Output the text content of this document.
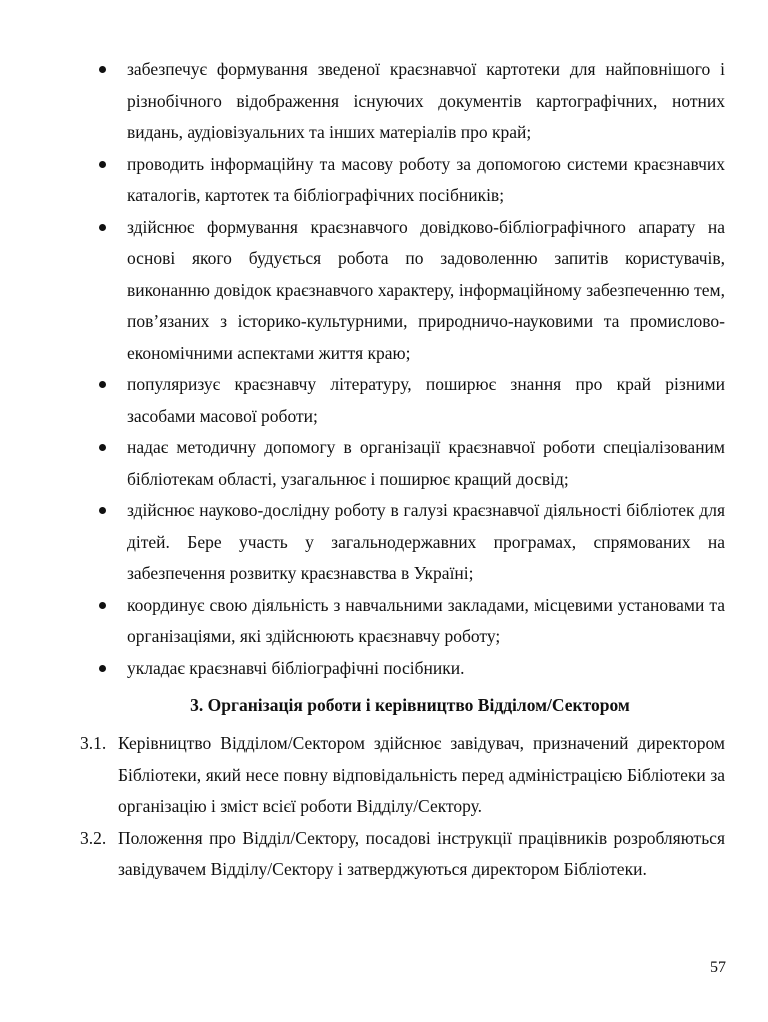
забезпечує формування зведеної краєзнавчої картотеки для найповнішого і різнобічного відображення існуючих документів картографічних, нотних видань, аудіовізуальних та інших матеріалів про край;
проводить інформаційну та масову роботу за допомогою системи краєзнавчих каталогів, картотек та бібліографічних посібників;
здійснює формування краєзнавчого довідково-бібліографічного апарату на основі якого будується робота по задоволенню запитів користувачів, виконанню довідок краєзнавчого характеру, інформаційному забезпеченню тем, пов’язаних з історико-культурними, природничо-науковими та промислово-економічними аспектами життя краю;
популяризує краєзнавчу літературу, поширює знання про край різними засобами масової роботи;
надає методичну допомогу в організації краєзнавчої роботи спеціалізованим бібліотекам області, узагальнює і поширює кращий досвід;
здійснює науково-дослідну роботу в галузі краєзнавчої діяльності бібліотек для дітей. Бере участь у загальнодержавних програмах, спрямованих на забезпечення розвитку краєзнавства в Україні;
координує свою діяльність з навчальними закладами, місцевими установами та організаціями, які здійснюють краєзнавчу роботу;
укладає краєзнавчі бібліографічні посібники.
3. Організація роботи і керівництво Відділом/Сектором
3.1. Керівництво Відділом/Сектором здійснює завідувач, призначений директором Бібліотеки, який несе повну відповідальність перед адміністрацією Бібліотеки за організацію і зміст всієї роботи Відділу/Сектору.
3.2. Положення про Відділ/Сектору, посадові інструкції працівників розробляються завідувачем Відділу/Сектору і затверджуються директором Бібліотеки.
57
